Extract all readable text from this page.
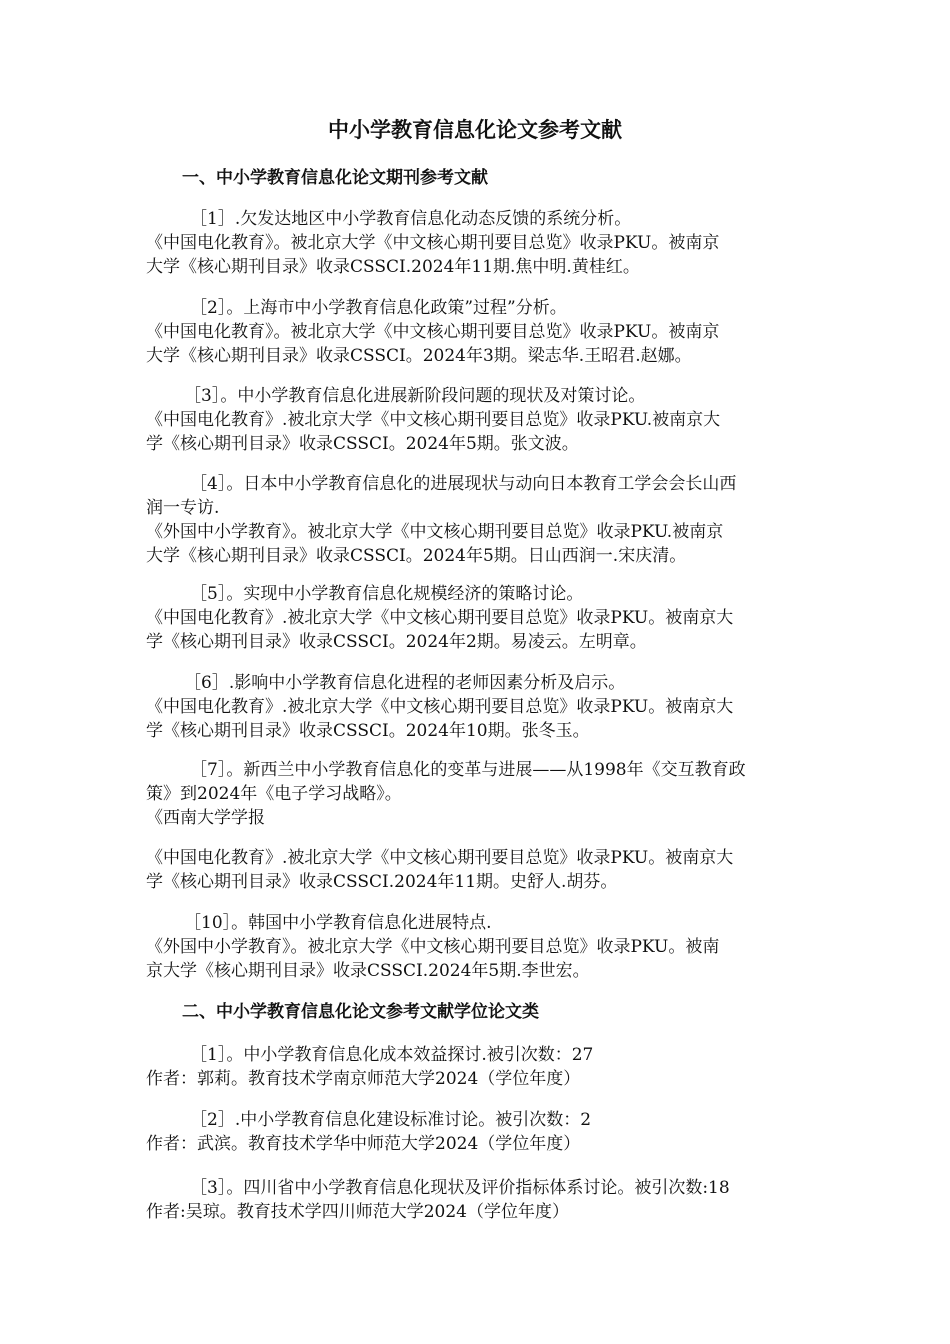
中小学教育信息化论文参考文献
一、中小学教育信息化论文期刊参考文献
［1］.欠发达地区中小学教育信息化动态反馈的系统分析。
《中国电化教育》。被北京大学《中文核心期刊要目总览》收录PKU。被南京
大学《核心期刊目录》收录CSSCI.2024年11期.焦中明.黄桂红。
［2］。上海市中小学教育信息化政策”过程”分析。
《中国电化教育》。被北京大学《中文核心期刊要目总览》收录PKU。被南京
大学《核心期刊目录》收录CSSCI。2024年3期。梁志华.王昭君.赵娜。
［3］。中小学教育信息化进展新阶段问题的现状及对策讨论。
《中国电化教育》.被北京大学《中文核心期刊要目总览》收录PKU.被南京大
学《核心期刊目录》收录CSSCI。2024年5期。张文波。
［4］。日本中小学教育信息化的进展现状与动向日本教育工学会会长山西
润一专访.
《外国中小学教育》。被北京大学《中文核心期刊要目总览》收录PKU.被南京
大学《核心期刊目录》收录CSSCI。2024年5期。日山西润一.宋庆清。
［5］。实现中小学教育信息化规模经济的策略讨论。
《中国电化教育》.被北京大学《中文核心期刊要目总览》收录PKU。被南京大
学《核心期刊目录》收录CSSCI。2024年2期。易凌云。左明章。
［6］.影响中小学教育信息化进程的老师因素分析及启示。
《中国电化教育》.被北京大学《中文核心期刊要目总览》收录PKU。被南京大
学《核心期刊目录》收录CSSCI。2024年10期。张冬玉。
［7］。新西兰中小学教育信息化的变革与进展——从1998年《交互教育政
策》到2024年《电子学习战略》。
《西南大学学报
《中国电化教育》.被北京大学《中文核心期刊要目总览》收录PKU。被南京大
学《核心期刊目录》收录CSSCI.2024年11期。史舒人.胡芬。
［10］。韩国中小学教育信息化进展特点.
《外国中小学教育》。被北京大学《中文核心期刊要目总览》收录PKU。被南
京大学《核心期刊目录》收录CSSCI.2024年5期.李世宏。
二、中小学教育信息化论文参考文献学位论文类
［1］。中小学教育信息化成本效益探讨.被引次数：27
作者：郭莉。教育技术学南京师范大学2024（学位年度）
［2］.中小学教育信息化建设标准讨论。被引次数：2
作者：武滨。教育技术学华中师范大学2024（学位年度）
［3］。四川省中小学教育信息化现状及评价指标体系讨论。被引次数:18
作者:吴琼。教育技术学四川师范大学2024（学位年度）
